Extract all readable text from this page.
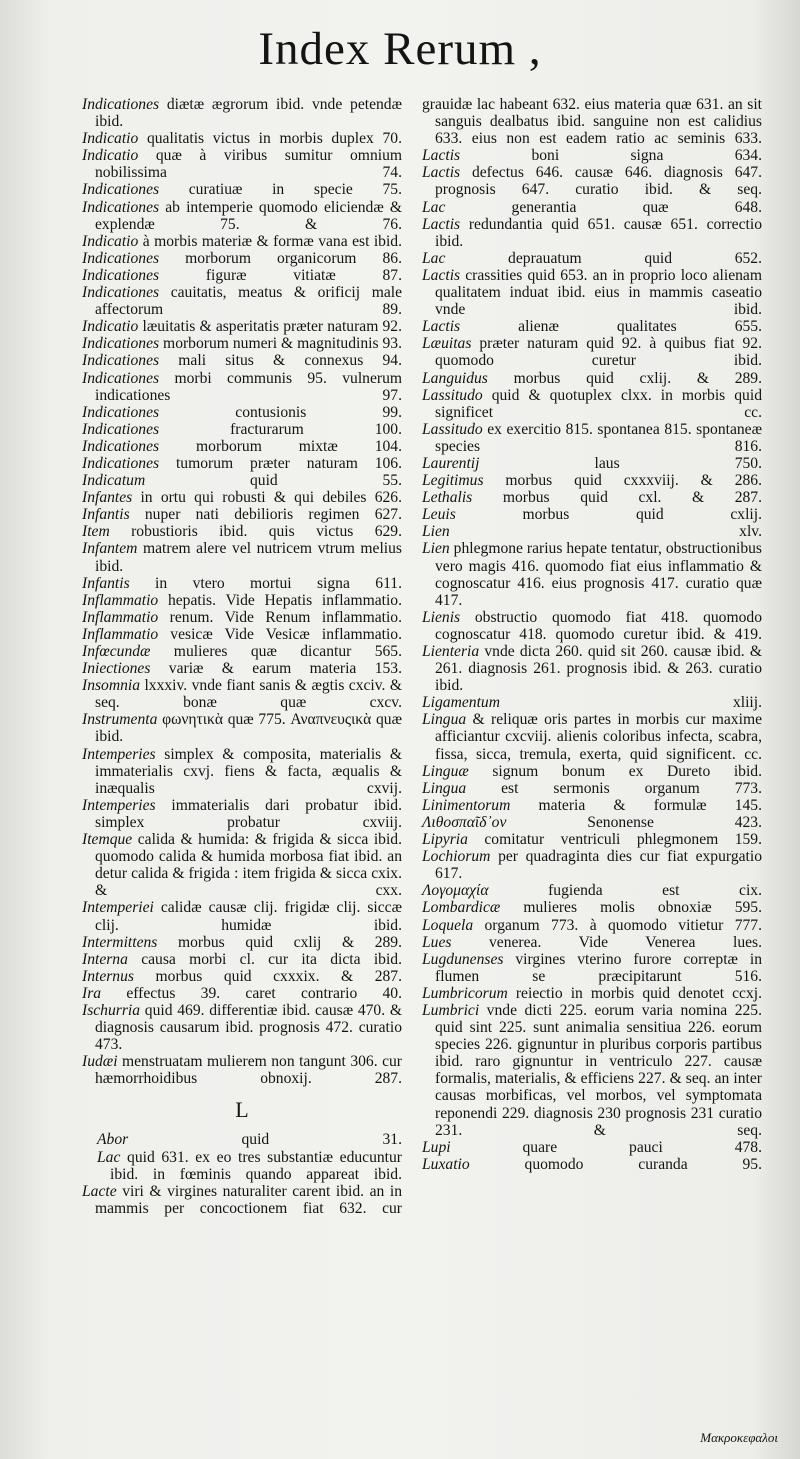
Index Rerum ,

Indicationes diætæ ægrorum ibid. vnde petendæ ibid.

Indicatio qualitatis victus in morbis duplex 70.

Indicatio quæ à viribus sumitur omnium nobilissima 74.

Indicationes curatiuæ in specie 75.

Indicationes ab intemperie quomodo eliciendæ & explendæ 75. & 76.

Indicatio à morbis materiæ & formæ vana est ibid.

Indicationes morborum organicorum 86.

Indicationes figuræ vitiatæ 87.

Indicationes cauitatis, meatus & orificij male affectorum 89.

Indicatio læuitatis & asperitatis præter naturam 92.

Indicationes morborum numeri & magnitudinis 93.

Indicationes mali situs & connexus 94.

Indicationes morbi communis 95. vulnerum indicationes 97.

Indicationes contusionis 99.

Indicationes fracturarum 100.

Indicationes morborum mixtæ 104.

Indicationes tumorum præter naturam 106.

Indicatum quid 55.

Infantes in ortu qui robusti & qui debiles 626.

Infantis nuper nati debilioris regimen 627.

Item robustioris ibid. quis victus 629.

Infantem matrem alere vel nutricem vtrum melius ibid.

Infantis in vtero mortui signa 611.

Inflammatio hepatis. Vide Hepatis inflammatio.

Inflammatio renum. Vide Renum inflammatio.

Inflammatio vesicæ Vide Vesicæ inflammatio.

Infœcundæ mulieres quæ dicantur 565.

Iniectiones variæ & earum materia 153.

Insomnia lxxxiv. vnde fiant sanis & ægtis cxciv. & seq. bonæ quæ cxcv.

Instrumenta φωνητικὰ quæ 775. Αναπνευςικὰ quæ ibid.

Intemperies simplex & composita, materialis & immaterialis cxvj. fiens & facta, æqualis & inæqualis cxvij.

Intemperies immaterialis dari probatur ibid. simplex probatur cxviij.

Itemque calida & humida: & frigida & sicca ibid. quomodo calida & humida morbosa fiat ibid. an detur calida & frigida : item frigida & sicca cxix. & cxx.

Intemperiei calidæ causæ clij. frigidæ clij. siccæ clij. humidæ ibid.

Intermittens morbus quid cxlij & 289.

Interna causa morbi cl. cur ita dicta ibid.

Internus morbus quid cxxxix. & 287.

Ira effectus 39. caret contrario 40.

Ischurria quid 469. differentiæ ibid. causæ 470. & diagnosis causarum ibid. prognosis 472. curatio 473.

Iudæi menstruatam mulierem non tangunt 306. cur hæmorrhoidibus obnoxij. 287.

L

Abor quid 31.

Lac quid 631. ex eo tres substantiæ educuntur ibid. in fœminis quando appareat ibid.

Lacte viri & virgines naturaliter carent ibid. an in mammis per concoctionem fiat 632. cur

grauidæ lac habeant 632. eius materia quæ 631. an sit sanguis dealbatus ibid. sanguine non est calidius 633. eius non est eadem ratio ac seminis 633.

Lactis boni signa 634.

Lactis defectus 646. causæ 646. diagnosis 647. prognosis 647. curatio ibid. & seq.

Lac generantia quæ 648.

Lactis redundantia quid 651. causæ 651. correctio ibid.

Lac deprauatum quid 652.

Lactis crassities quid 653. an in proprio loco alienam qualitatem induat ibid. eius in mammis caseatio vnde ibid.

Lactis alienæ qualitates 655.

Læuitas præter naturam quid 92. à quibus fiat 92. quomodo curetur ibid.

Languidus morbus quid cxlij. & 289.

Lassitudo quid & quotuplex clxx. in morbis quid significet cc.

Lassitudo ex exercitio 815. spontanea 815. spontaneæ species 816.

Laurentij laus 750.

Legitimus morbus quid cxxxviij. & 286.

Lethalis morbus quid cxl. & 287.

Leuis morbus quid cxlij.

Lien xlv.

Lien phlegmone rarius hepate tentatur, obstructionibus vero magis 416. quomodo fiat eius inflammatio & cognoscatur 416. eius prognosis 417. curatio quæ 417.

Lienis obstructio quomodo fiat 418. quomodo cognoscatur 418. quomodo curetur ibid. & 419.

Lienteria vnde dicta 260. quid sit 260. causæ ibid. & 261. diagnosis 261. prognosis ibid. & 263. curatio ibid.

Ligamentum xliij.

Lingua & reliquæ oris partes in morbis cur maxime afficiantur cxcviij. alienis coloribus infecta, scabra, fissa, sicca, tremula, exerta, quid significent. cc.

Linguæ signum bonum ex Dureto ibid.

Lingua est sermonis organum 773.

Linimentorum materia & formulæ 145.

Λιθοσπαῖδ᾽ον Senonense 423.

Lipyria comitatur ventriculi phlegmonem 159.

Lochiorum per quadraginta dies cur fiat expurgatio 617.

Λογομαχία fugienda est cix.

Lombardicæ mulieres molis obnoxiæ 595.

Loquela organum 773. à quomodo vitietur 777.

Lues venerea. Vide Venereа lues.

Lugdunenses virgines vterino furore correptæ in flumen se præcipitarunt 516.

Lumbricorum reiectio in morbis quid denotet ccxj.

Lumbrici vnde dicti 225. eorum varia nomina 225. quid sint 225. sunt animalia sensitiua 226. eorum species 226. gignuntur in pluribus corporis partibus ibid. raro gignuntur in ventriculo 227. causæ formalis, materialis, & efficiens 227. & seq. an inter causas morbificas, vel morbos, vel symptomata reponendi 229. diagnosis 230 prognosis 231 curatio 231. & seq.

Lupi quare pauci 478.

Luxatio quomodo curanda 95.

Μακροκεφαλοι
